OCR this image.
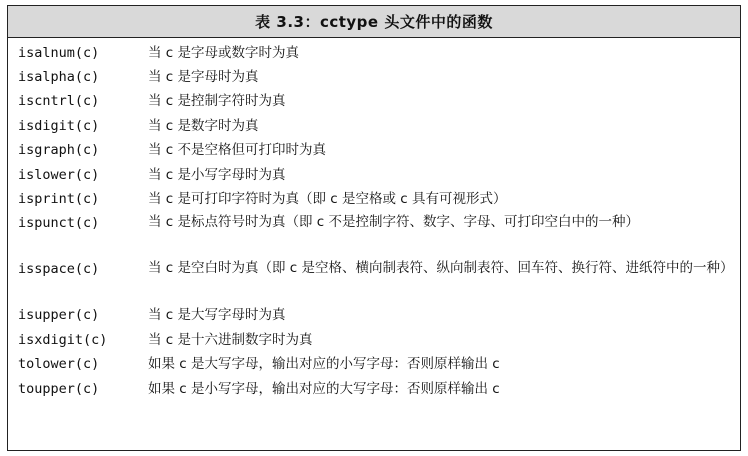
表 3.3：cctype 头文件中的函数
isalnum(c)	当 c 是字母或数字时为真
isalpha(c)	当 c 是字母时为真
iscntrl(c)	当 c 是控制字符时为真
isdigit(c)	当 c 是数字时为真
isgraph(c)	当 c 不是空格但可打印时为真
islower(c)	当 c 是小写字母时为真
isprint(c)	当 c 是可打印字符时为真（即 c 是空格或 c 具有可视形式）
ispunct(c)	当 c 是标点符号时为真（即 c 不是控制字符、数字、字母、可打印空白中的一种）
isspace(c)	当 c 是空白时为真（即 c 是空格、横向制表符、纵向制表符、回车符、换行符、进纸符中的一种）
isupper(c)	当 c 是大写字母时为真
isxdigit(c)	当 c 是十六进制数字时为真
tolower(c)	如果 c 是大写字母，输出对应的小写字母：否则原样输出 c
toupper(c)	如果 c 是小写字母，输出对应的大写字母：否则原样输出 c
